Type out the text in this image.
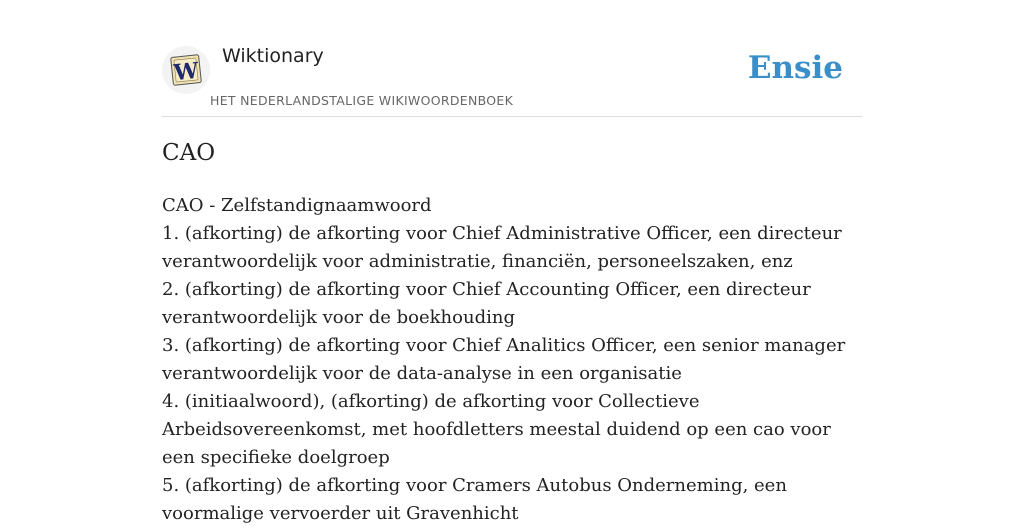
W
Wiktionary
HET NEDERLANDSTALIGE WIKIWOORDENBOEK
Ensie
CAO

CAO - Zelfstandignaamwoord

1. (afkorting) de afkorting voor Chief Administrative Officer, een directeur verantwoordelijk voor administratie, financiën, personeelszaken, enz

2. (afkorting) de afkorting voor Chief Accounting Officer, een directeur verantwoordelijk voor de boekhouding

3. (afkorting) de afkorting voor Chief Analitics Officer, een senior manager verantwoordelijk voor de data-analyse in een organisatie

4. (initiaalwoord), (afkorting) de afkorting voor Collectieve Arbeidsovereenkomst, met hoofdletters meestal duidend op een cao voor een specifieke doelgroep

5. (afkorting) de afkorting voor Cramers Autobus Onderneming, een voormalige vervoerder uit Gravenhicht
